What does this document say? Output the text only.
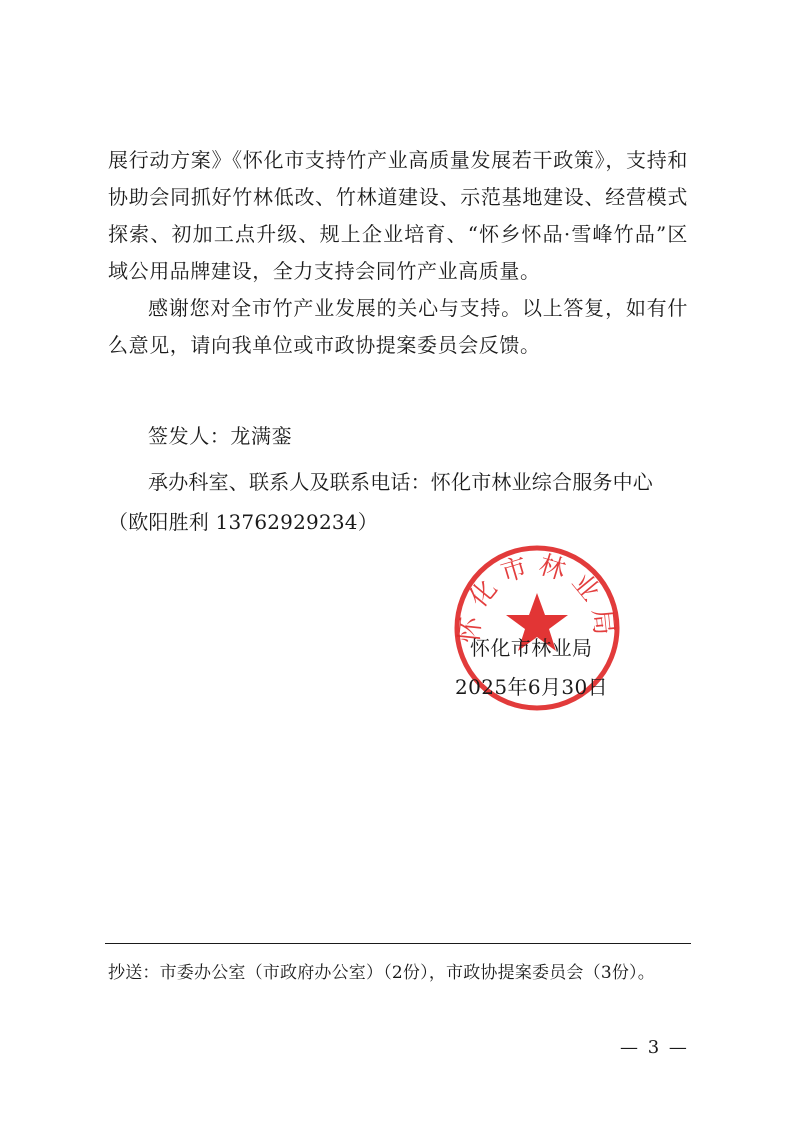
展行动方案》《怀化市支持竹产业高质量发展若干政策》，支持和协助会同抓好竹林低改、竹林道建设、示范基地建设、经营模式探索、初加工点升级、规上企业培育、“怀乡怀品·雪峰竹品”区域公用品牌建设，全力支持会同竹产业高质量。

感谢您对全市竹产业发展的关心与支持。以上答复，如有什么意见，请向我单位或市政协提案委员会反馈。

签发人：龙满銮
承办科室、联系人及联系电话：怀化市林业综合服务中心（欧阳胜利 13762929234）
怀化市林业局
怀化市林业局
2025年6月30日
抄送：市委办公室（市政府办公室）（2份），市政协提案委员会（3份）。
— 3 —
